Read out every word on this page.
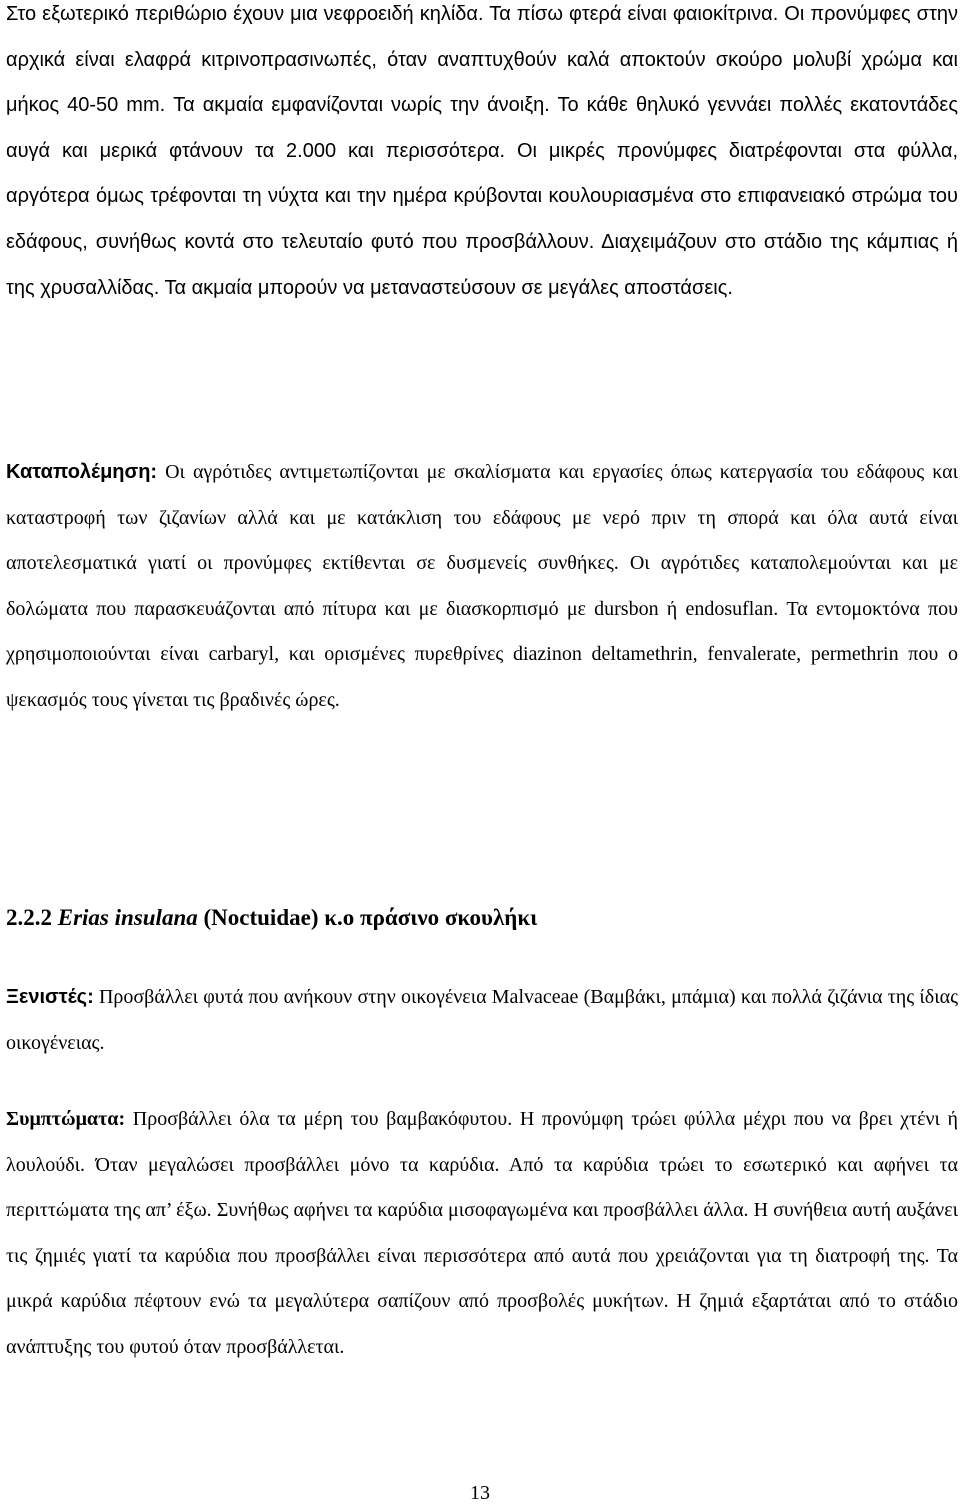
Στο εξωτερικό περιθώριο έχουν μια νεφροειδή κηλίδα. Τα πίσω φτερά είναι φαιοκίτρινα. Οι προνύμφες στην αρχικά είναι ελαφρά κιτρινοπρασινωπές, όταν αναπτυχθούν καλά αποκτούν σκούρο μολυβί χρώμα και μήκος 40-50 mm. Τα ακμαία εμφανίζονται νωρίς την άνοιξη. Το κάθε θηλυκό γεννάει πολλές εκατοντάδες αυγά και μερικά φτάνουν τα 2.000 και περισσότερα. Οι μικρές προνύμφες διατρέφονται στα φύλλα, αργότερα όμως τρέφονται τη νύχτα και την ημέρα κρύβονται κουλουριασμένα στο επιφανειακό στρώμα του εδάφους, συνήθως κοντά στο τελευταίο φυτό που προσβάλλουν. Διαχειμάζουν στο στάδιο της κάμπιας ή της χρυσαλλίδας. Τα ακμαία μπορούν να μεταναστεύσουν σε μεγάλες αποστάσεις.

Καταπολέμηση: Οι αγρότιδες αντιμετωπίζονται με σκαλίσματα και εργασίες όπως κατεργασία του εδάφους και καταστροφή των ζιζανίων αλλά και με κατάκλιση του εδάφους με νερό πριν τη σπορά και όλα αυτά είναι αποτελεσματικά γιατί οι προνύμφες εκτίθενται σε δυσμενείς συνθήκες. Οι αγρότιδες καταπολεμούνται και με δολώματα που παρασκευάζονται από πίτυρα και με διασκορπισμό με dursbon ή endosuflan. Τα εντομοκτόνα που χρησιμοποιούνται είναι carbaryl, και ορισμένες πυρεθρίνες diazinon deltamethrin, fenvalerate, permethrin που ο ψεκασμός τους γίνεται τις βραδινές ώρες.

2.2.2 Erias insulana (Noctuidae) κ.ο πράσινο σκουλήκι

Ξενιστές: Προσβάλλει φυτά που ανήκουν στην οικογένεια Malvaceae (Βαμβάκι, μπάμια) και πολλά ζιζάνια της ίδιας οικογένειας.

Συμπτώματα: Προσβάλλει όλα τα μέρη του βαμβακόφυτου. Η προνύμφη τρώει φύλλα μέχρι που να βρει χτένι ή λουλούδι. Όταν μεγαλώσει προσβάλλει μόνο τα καρύδια. Από τα καρύδια τρώει το εσωτερικό και αφήνει τα περιττώματα της απ’ έξω. Συνήθως αφήνει τα καρύδια μισοφαγωμένα και προσβάλλει άλλα. Η συνήθεια αυτή αυξάνει τις ζημιές γιατί τα καρύδια που προσβάλλει είναι περισσότερα από αυτά που χρειάζονται για τη διατροφή της. Τα μικρά καρύδια πέφτουν ενώ τα μεγαλύτερα σαπίζουν από προσβολές μυκήτων. Η ζημιά εξαρτάται από το στάδιο ανάπτυξης του φυτού όταν προσβάλλεται.

13
